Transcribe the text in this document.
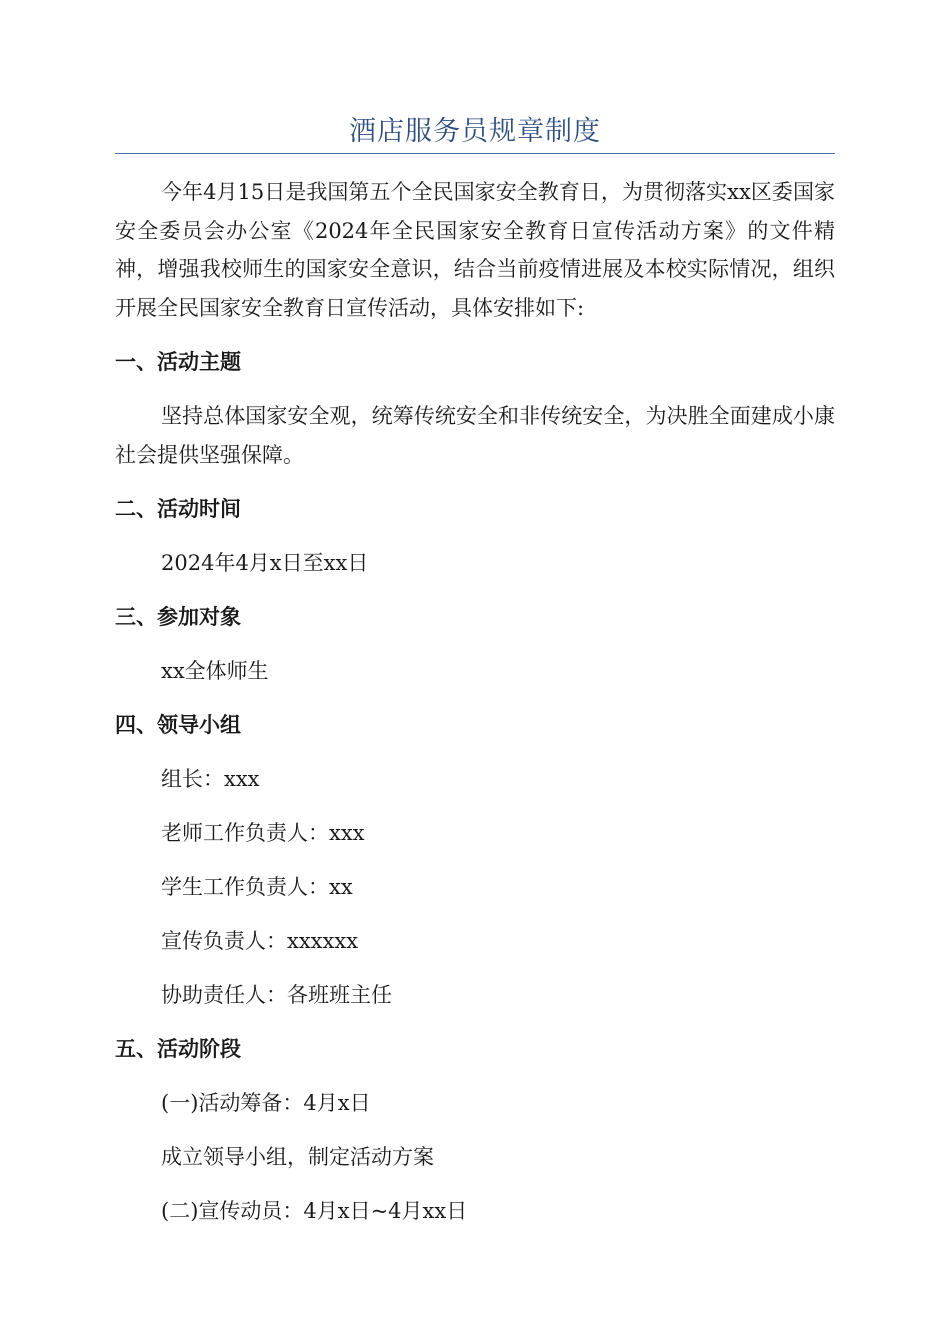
酒店服务员规章制度

今年4月15日是我国第五个全民国家安全教育日，为贯彻落实xx区委国家安全委员会办公室《2024年全民国家安全教育日宣传活动方案》的文件精神，增强我校师生的国家安全意识，结合当前疫情进展及本校实际情况，组织开展全民国家安全教育日宣传活动，具体安排如下:

一、活动主题

坚持总体国家安全观，统筹传统安全和非传统安全，为决胜全面建成小康社会提供坚强保障。

二、活动时间

2024年4月x日至xx日

三、参加对象

xx全体师生

四、领导小组

组长：xxx

老师工作负责人：xxx

学生工作负责人：xx

宣传负责人：xxxxxx

协助责任人：各班班主任

五、活动阶段

(一)活动筹备：4月x日

成立领导小组，制定活动方案

(二)宣传动员：4月x日~4月xx日
